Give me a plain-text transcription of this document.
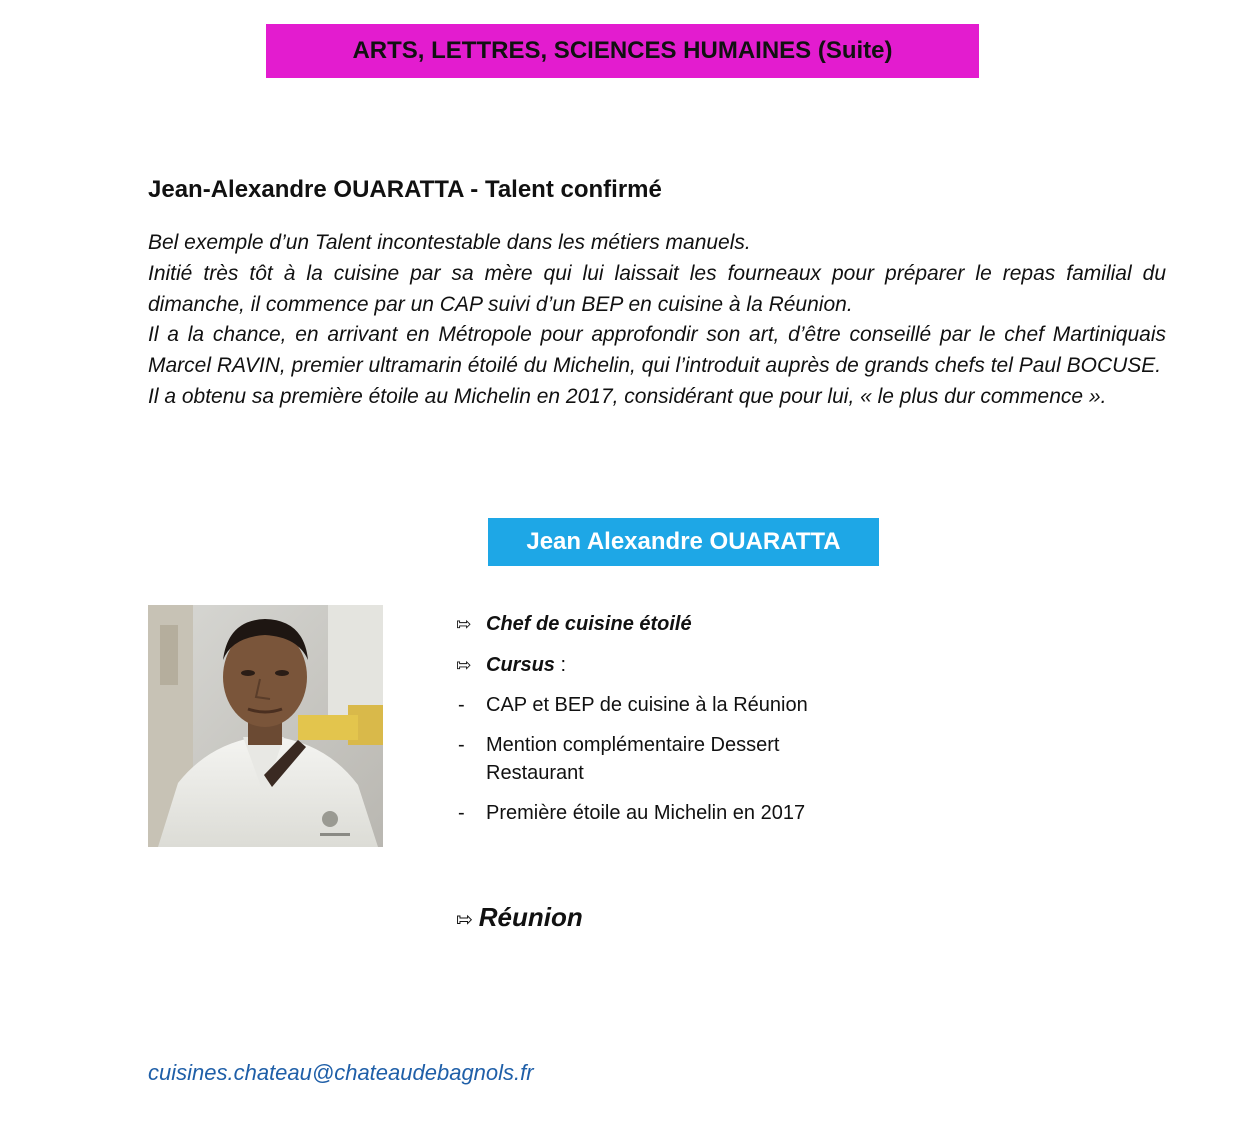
ARTS, LETTRES, SCIENCES HUMAINES (Suite)
Jean-Alexandre OUARATTA - Talent confirmé

Bel exemple d’un Talent incontestable dans les métiers manuels.

Initié très tôt à la cuisine par sa mère qui lui laissait les fourneaux pour préparer le repas familial du dimanche, il commence par un CAP suivi d’un BEP en cuisine à la Réunion.

Il a la chance, en arrivant en Métropole pour approfondir son art, d’être conseillé par le chef Martiniquais Marcel RAVIN, premier ultramarin étoilé du Michelin, qui l’introduit auprès de grands chefs tel Paul BOCUSE.

Il a obtenu sa première étoile au Michelin en 2017, considérant que pour lui, « le plus dur commence ».

Jean Alexandre OUARATTA
⇰ Chef de cuisine étoilé
⇰ Cursus :
- CAP et BEP de cuisine à la Réunion
- Mention complémentaire Dessert Restaurant
- Première étoile au Michelin en 2017
⇰ Réunion
cuisines.chateau@chateaudebagnols.fr
